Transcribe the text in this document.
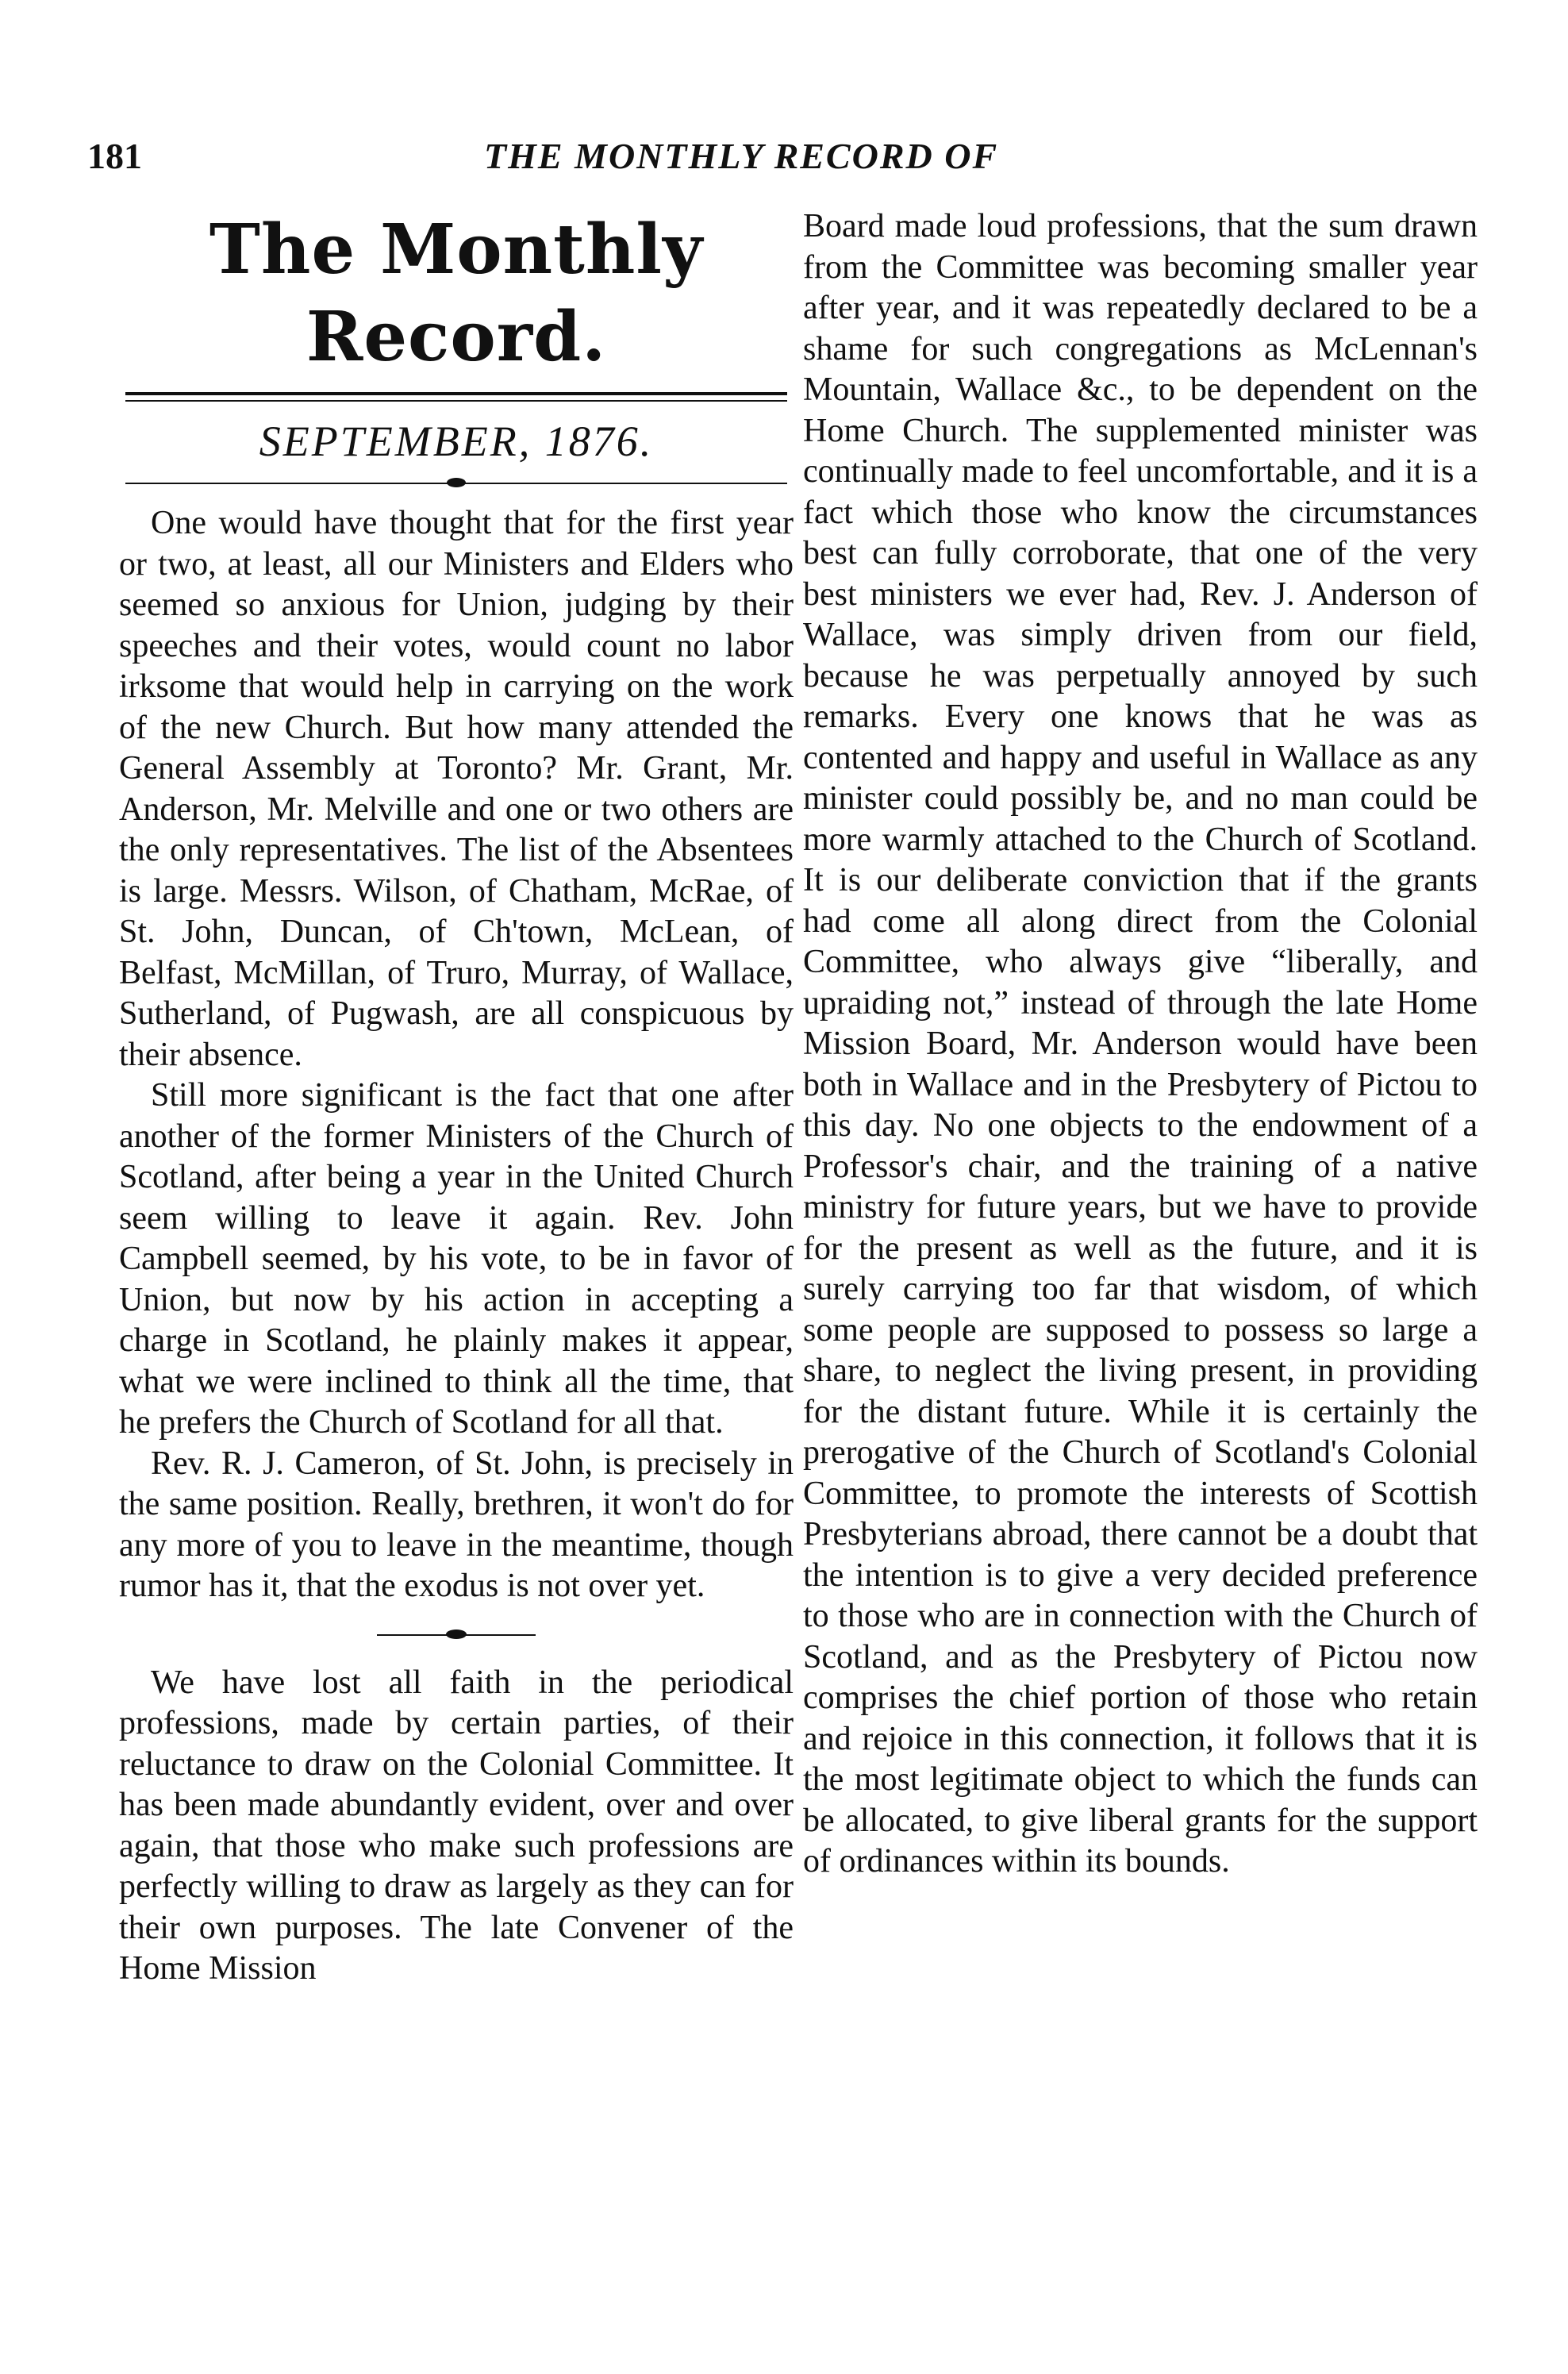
181	THE MONTHLY RECORD OF
The Monthly Record.
SEPTEMBER, 1876.

One would have thought that for the first year or two, at least, all our Ministers and Elders who seemed so anxious for Union, judging by their speeches and their votes, would count no labor irksome that would help in carrying on the work of the new Church. But how many attended the General Assembly at Toronto? Mr. Grant, Mr. Anderson, Mr. Melville and one or two others are the only representatives. The list of the Absentees is large. Messrs. Wilson, of Chatham, McRae, of St. John, Duncan, of Ch'town, McLean, of Belfast, McMillan, of Truro, Murray, of Wallace, Sutherland, of Pugwash, are all conspicuous by their absence.

Still more significant is the fact that one after another of the former Ministers of the Church of Scotland, after being a year in the United Church seem willing to leave it again. Rev. John Campbell seemed, by his vote, to be in favor of Union, but now by his action in accepting a charge in Scotland, he plainly makes it appear, what we were inclined to think all the time, that he prefers the Church of Scotland for all that.

Rev. R. J. Cameron, of St. John, is precisely in the same position. Really, brethren, it won't do for any more of you to leave in the meantime, though rumor has it, that the exodus is not over yet.

We have lost all faith in the periodical professions, made by certain parties, of their reluctance to draw on the Colonial Committee. It has been made abundantly evident, over and over again, that those who make such professions are perfectly willing to draw as largely as they can for their own purposes. The late Convener of the Home Mission

Board made loud professions, that the sum drawn from the Committee was becoming smaller year after year, and it was repeatedly declared to be a shame for such congregations as McLennan's Mountain, Wallace &c., to be dependent on the Home Church. The supplemented minister was continually made to feel uncomfortable, and it is a fact which those who know the circumstances best can fully corroborate, that one of the very best ministers we ever had, Rev. J. Anderson of Wallace, was simply driven from our field, because he was perpetually annoyed by such remarks. Every one knows that he was as contented and happy and useful in Wallace as any minister could possibly be, and no man could be more warmly attached to the Church of Scotland. It is our deliberate conviction that if the grants had come all along direct from the Colonial Committee, who always give “liberally, and upraiding not,” instead of through the late Home Mission Board, Mr. Anderson would have been both in Wallace and in the Presbytery of Pictou to this day. No one objects to the endowment of a Professor's chair, and the training of a native ministry for future years, but we have to provide for the present as well as the future, and it is surely carrying too far that wisdom, of which some people are supposed to possess so large a share, to neglect the living present, in providing for the distant future. While it is certainly the prerogative of the Church of Scotland's Colonial Committee, to promote the interests of Scottish Presbyterians abroad, there cannot be a doubt that the intention is to give a very decided preference to those who are in connection with the Church of Scotland, and as the Presbytery of Pictou now comprises the chief portion of those who retain and rejoice in this connection, it follows that it is the most legitimate object to which the funds can be allocated, to give liberal grants for the support of ordinances within its bounds.
